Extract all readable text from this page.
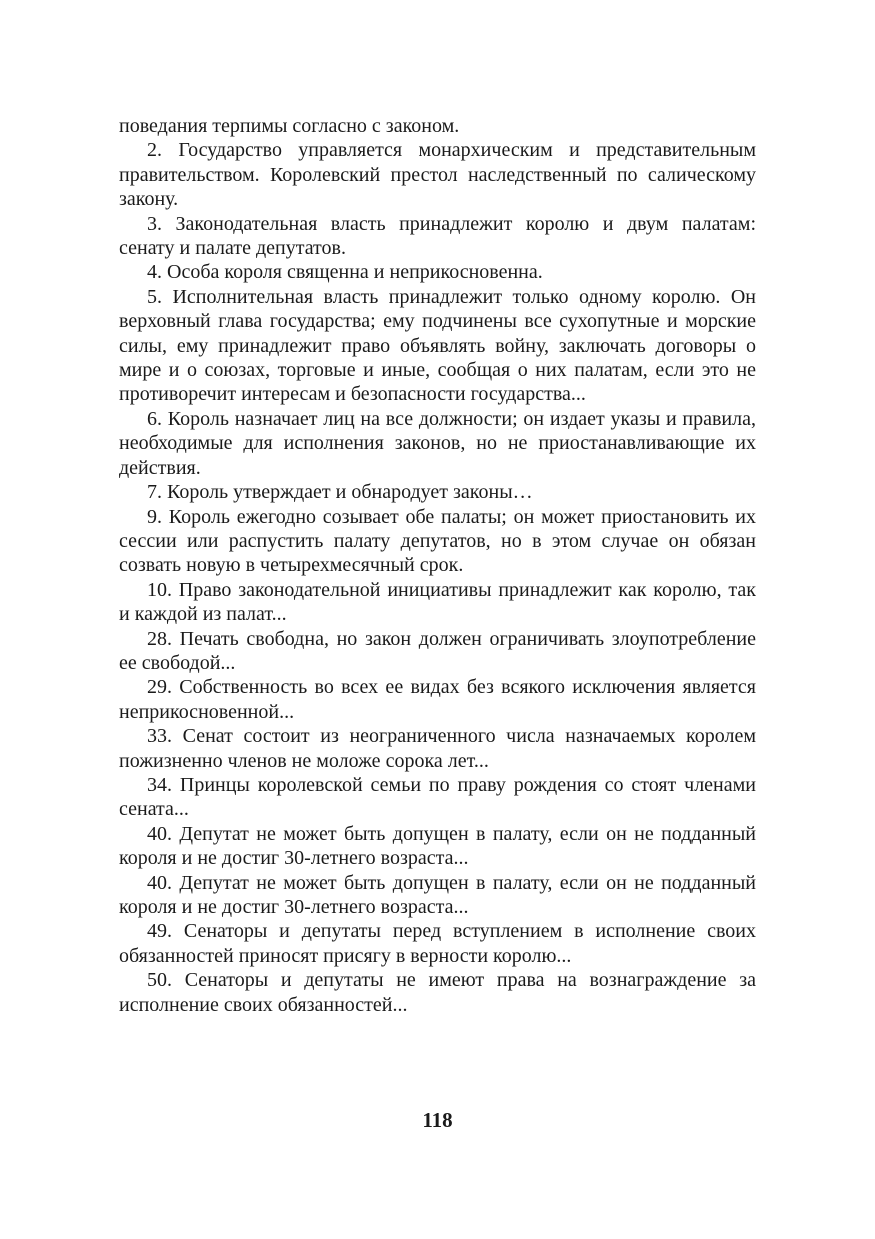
поведания терпимы согласно с законом.

2. Государство управляется монархическим и представительным правительством. Королевский престол наследственный по салическому закону.

3. Законодательная власть принадлежит королю и двум палатам: сенату и палате депутатов.

4. Особа короля священна и неприкосновенна.

5. Исполнительная власть принадлежит только одному королю. Он верховный глава государства; ему подчинены все сухопутные и морские силы, ему принадлежит право объявлять войну, заключать договоры о мире и о союзах, торговые и иные, сообщая о них палатам, если это не противоречит интересам и безопасности государства...

6. Король назначает лиц на все должности; он издает указы и правила, необходимые для исполнения законов, но не приостанавливающие их действия.

7. Король утверждает и обнародует законы…

9. Король ежегодно созывает обе палаты; он может приостановить их сессии или распустить палату депутатов, но в этом случае он обязан созвать новую в четырехмесячный срок.

10. Право законодательной инициативы принадлежит как королю, так и каждой из палат...

28. Печать свободна, но закон должен ограничивать злоупотребление ее свободой...

29. Собственность во всех ее видах без всякого исключения является неприкосновенной...

33. Сенат состоит из неограниченного числа назначаемых королем пожизненно членов не моложе сорока лет...

34. Принцы королевской семьи по праву рождения со стоят членами сената...

40. Депутат не может быть допущен в палату, если он не подданный короля и не достиг 30-летнего возраста...

40. Депутат не может быть допущен в палату, если он не подданный короля и не достиг 30-летнего возраста...

49. Сенаторы и депутаты перед вступлением в исполнение своих обязанностей приносят присягу в верности королю...

50. Сенаторы и депутаты не имеют права на вознаграждение за исполнение своих обязанностей...

118
